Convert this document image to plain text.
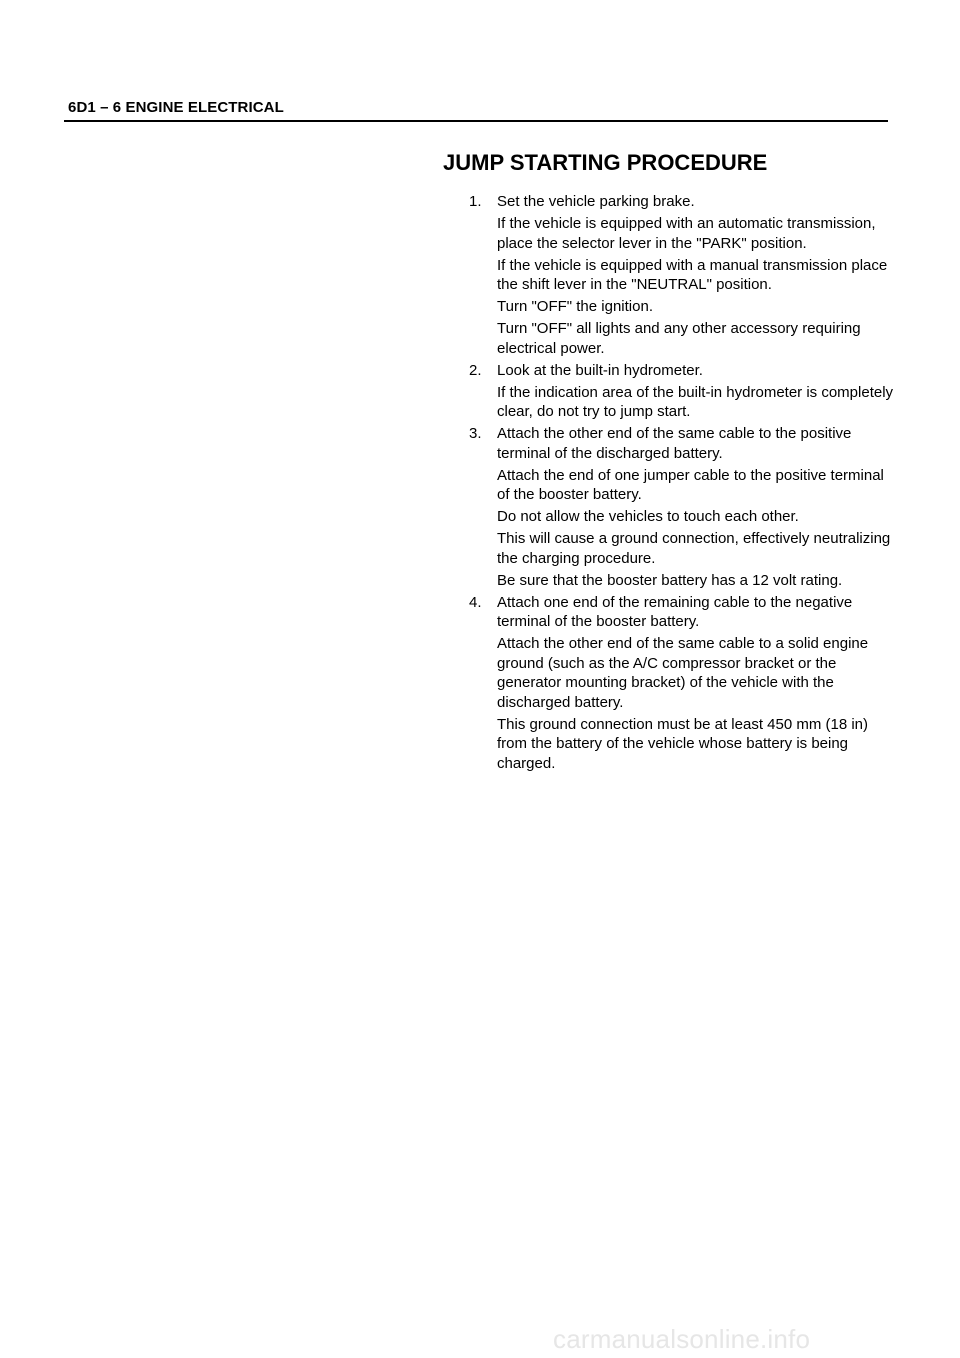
6D1 – 6 ENGINE ELECTRICAL
JUMP STARTING PROCEDURE
1. Set the vehicle parking brake.

If the vehicle is equipped with an automatic transmission, place the selector lever in the "PARK" position.

If the vehicle is equipped with a manual transmission place the shift lever in the "NEUTRAL" position.

Turn "OFF" the ignition.

Turn "OFF" all lights and any other accessory requiring electrical power.

2. Look at the built-in hydrometer.

If the indication area of the built-in hydrometer is completely clear, do not try to jump start.

3. Attach the other end of the same cable to the positive terminal of the discharged battery.

Attach the end of one jumper cable to the positive terminal of the booster battery.

Do not allow the vehicles to touch each other.

This will cause a ground connection, effectively neutralizing the charging procedure.

Be sure that the booster battery has a 12 volt rating.

4. Attach one end of the remaining cable to the negative terminal of the booster battery.

Attach the other end of the same cable to a solid engine ground (such as the A/C compressor bracket or the generator mounting bracket) of the vehicle with the discharged battery.

This ground connection must be at least 450 mm (18 in) from the battery of the vehicle whose battery is being charged.

carmanualsonline.info
